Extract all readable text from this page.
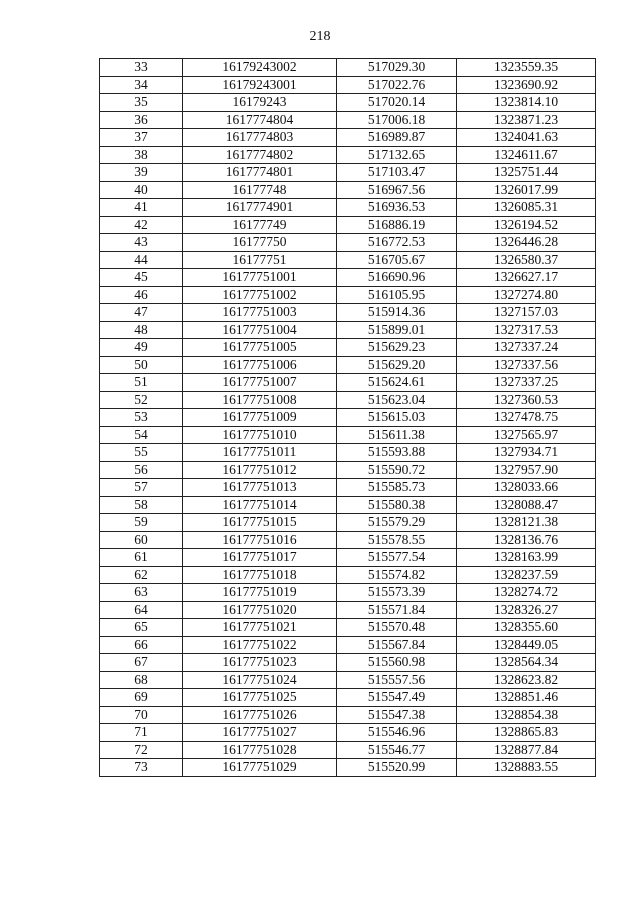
218
33	16179243002	517029.30	1323559.35
34	16179243001	517022.76	1323690.92
35	16179243	517020.14	1323814.10
36	1617774804	517006.18	1323871.23
37	1617774803	516989.87	1324041.63
38	1617774802	517132.65	1324611.67
39	1617774801	517103.47	1325751.44
40	16177748	516967.56	1326017.99
41	1617774901	516936.53	1326085.31
42	16177749	516886.19	1326194.52
43	16177750	516772.53	1326446.28
44	16177751	516705.67	1326580.37
45	16177751001	516690.96	1326627.17
46	16177751002	516105.95	1327274.80
47	16177751003	515914.36	1327157.03
48	16177751004	515899.01	1327317.53
49	16177751005	515629.23	1327337.24
50	16177751006	515629.20	1327337.56
51	16177751007	515624.61	1327337.25
52	16177751008	515623.04	1327360.53
53	16177751009	515615.03	1327478.75
54	16177751010	515611.38	1327565.97
55	16177751011	515593.88	1327934.71
56	16177751012	515590.72	1327957.90
57	16177751013	515585.73	1328033.66
58	16177751014	515580.38	1328088.47
59	16177751015	515579.29	1328121.38
60	16177751016	515578.55	1328136.76
61	16177751017	515577.54	1328163.99
62	16177751018	515574.82	1328237.59
63	16177751019	515573.39	1328274.72
64	16177751020	515571.84	1328326.27
65	16177751021	515570.48	1328355.60
66	16177751022	515567.84	1328449.05
67	16177751023	515560.98	1328564.34
68	16177751024	515557.56	1328623.82
69	16177751025	515547.49	1328851.46
70	16177751026	515547.38	1328854.38
71	16177751027	515546.96	1328865.83
72	16177751028	515546.77	1328877.84
73	16177751029	515520.99	1328883.55
